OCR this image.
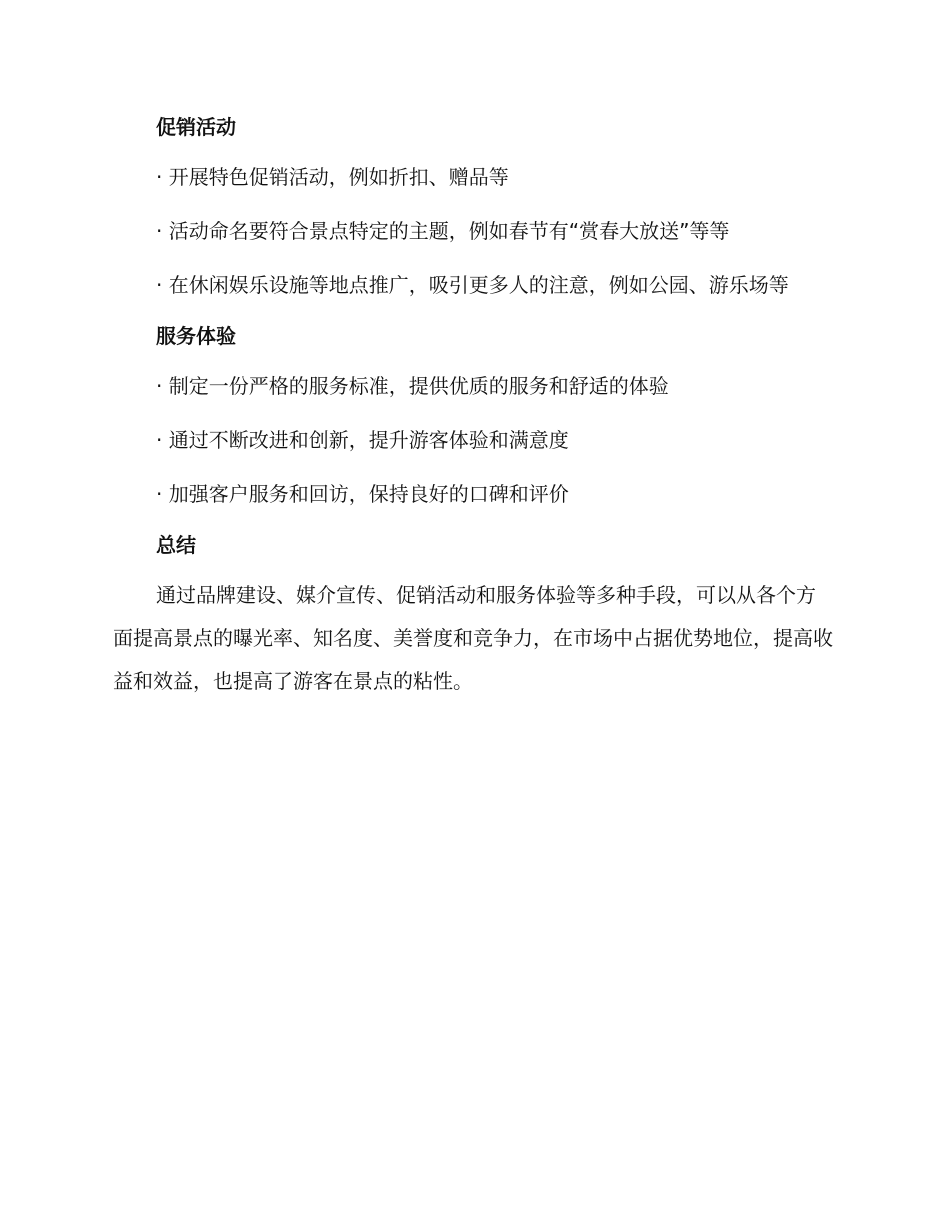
促销活动

· 开展特色促销活动，例如折扣、赠品等

· 活动命名要符合景点特定的主题，例如春节有“赏春大放送”等等

· 在休闲娱乐设施等地点推广，吸引更多人的注意，例如公园、游乐场等

服务体验

· 制定一份严格的服务标准，提供优质的服务和舒适的体验

· 通过不断改进和创新，提升游客体验和满意度

· 加强客户服务和回访，保持良好的口碑和评价

总结

通过品牌建设、媒介宣传、促销活动和服务体验等多种手段，可以从各个方面提高景点的曝光率、知名度、美誉度和竞争力，在市场中占据优势地位，提高收益和效益，也提高了游客在景点的粘性。
